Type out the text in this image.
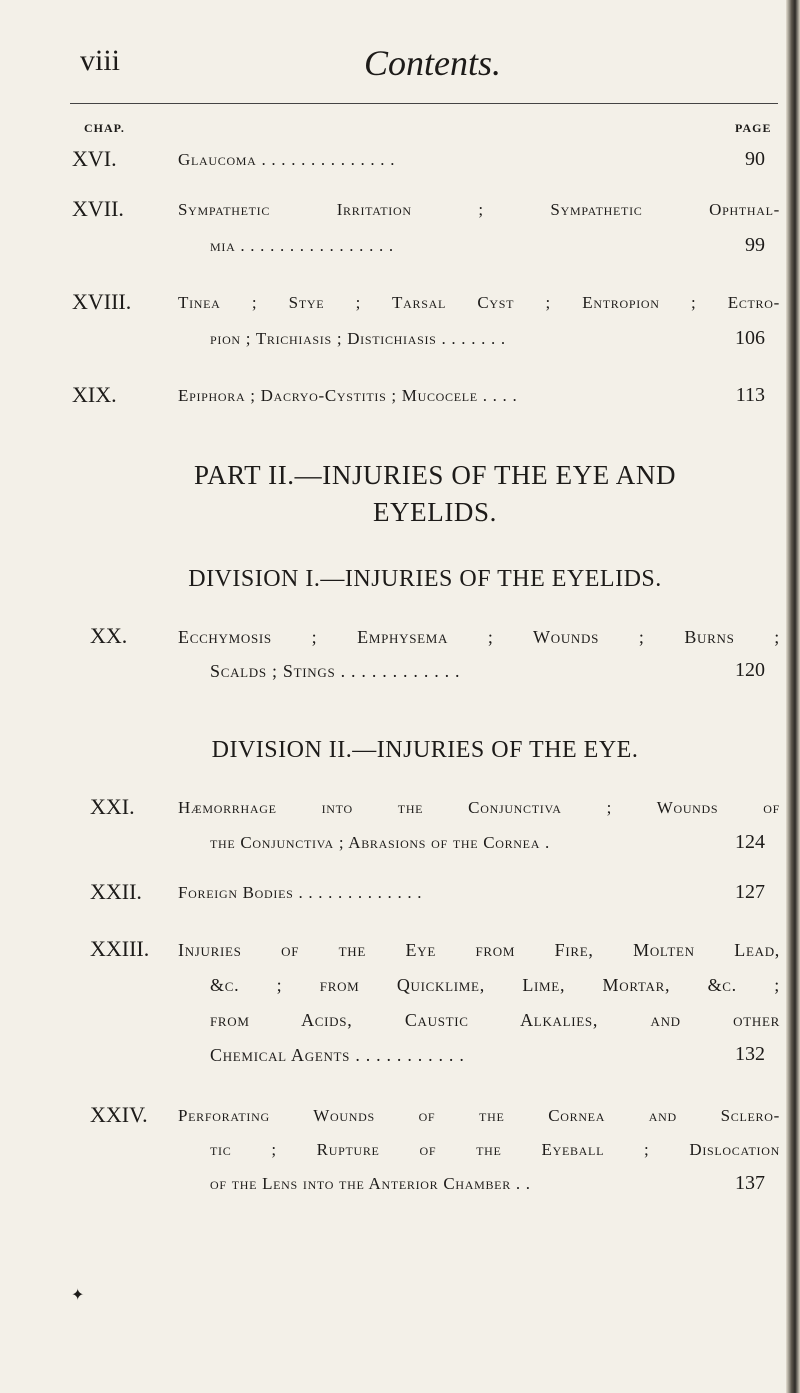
viii	Contents.
CHAP.	PAGE
XVI.	Glaucoma . . . . . . . . . . . . . .	90
XVII.	Sympathetic Irritation ; Sympathetic Ophthal-
mia . . . . . . . . . . . . . . . .	99
XVIII.	Tinea ; Stye ; Tarsal Cyst ; Entropion ; Ectro-
pion ; Trichiasis ; Distichiasis . . . . . . .	106
XIX.	Epiphora ; Dacryo-Cystitis ; Mucocele . . . .	113
PART II.—INJURIES OF THE EYE AND
EYELIDS.
DIVISION I.—INJURIES OF THE EYELIDS.
XX.	Ecchymosis ; Emphysema ; Wounds ; Burns ;
Scalds ; Stings . . . . . . . . . . . .	120
DIVISION II.—INJURIES OF THE EYE.
XXI.	Hæmorrhage into the Conjunctiva ; Wounds of
the Conjunctiva ; Abrasions of the Cornea .	124
XXII. Foreign Bodies . . . . . . . . . . . . .	127
XXIII. Injuries of the Eye from Fire, Molten Lead,
&c. ; from Quicklime, Lime, Mortar, &c. ;
from Acids, Caustic Alkalies, and other
Chemical Agents . . . . . . . . . . .	132
XXIV. Perforating Wounds of the Cornea and Sclero-
tic ; Rupture of the Eyeball ; Dislocation
of the Lens into the Anterior Chamber . .	137
✦
